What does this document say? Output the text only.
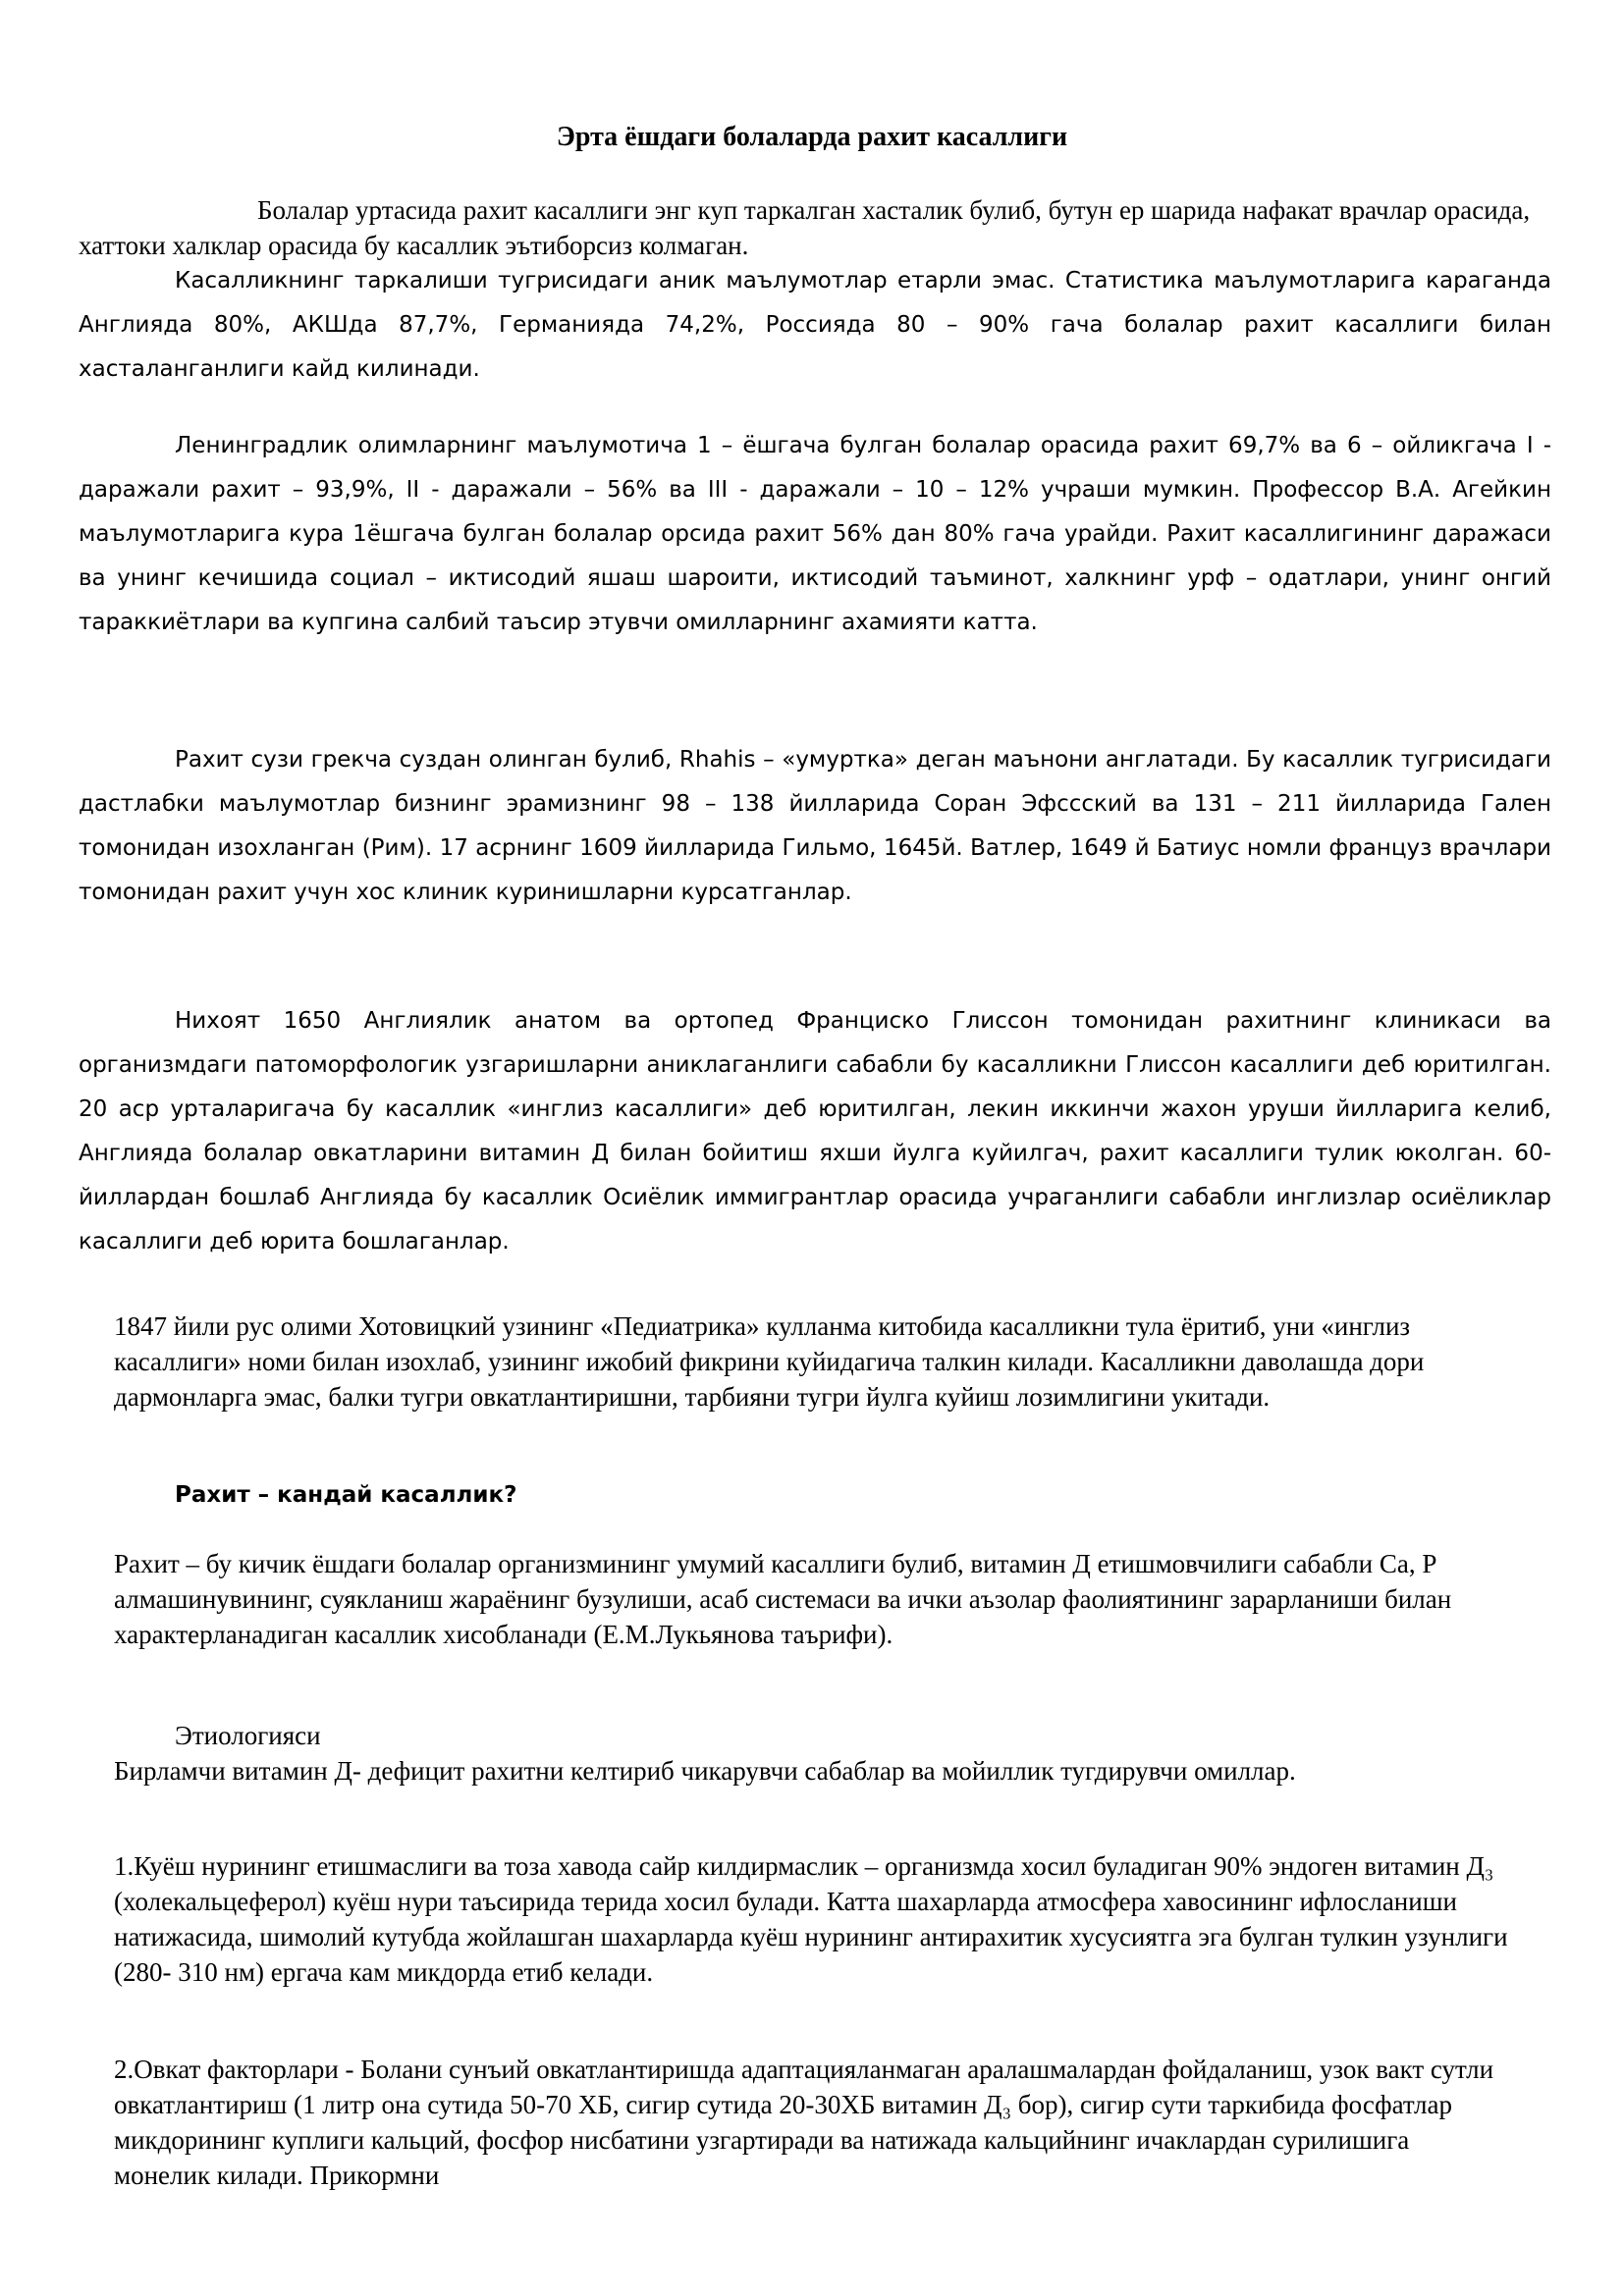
Эрта ёшдаги болаларда рахит касаллиги

Болалар уртасида рахит касаллиги энг куп таркалган хасталик булиб, бутун ер шарида нафакат врачлар орасида, хаттоки халклар орасида бу касаллик эътиборсиз колмаган.

Касалликнинг таркалиши тугрисидаги аник маълумотлар етарли эмас. Статистика маълумотларига караганда Англияда 80%, АКШда 87,7%, Германияда 74,2%, Россияда 80 – 90% гача болалар рахит касаллиги билан хасталанганлиги кайд килинади.

Ленинградлик олимларнинг маълумотича 1 – ёшгача булган болалар орасида рахит 69,7% ва 6 – ойликгача I - даражали рахит – 93,9%, II - даражали – 56% ва III - даражали – 10 – 12% учраши мумкин. Профессор В.А. Агейкин маълумотларига кура 1ёшгача булган болалар орсида рахит 56% дан 80% гача урайди. Рахит касаллигининг даражаси ва унинг кечишида социал – иктисодий яшаш шароити, иктисодий таъминот, халкнинг урф – одатлари, унинг онгий тараккиётлари ва купгина салбий таъсир этувчи омилларнинг ахамияти катта.

Рахит сузи грекча суздан олинган булиб, Rhahis – «умуртка» деган маънони англатади. Бу касаллик тугрисидаги дастлабки маълумотлар бизнинг эрамизнинг 98 – 138 йилларида Соран Эфсcский ва 131 – 211 йилларида Гален томонидан изохланган (Рим). 17 асрнинг 1609 йилларида Гильмо, 1645й. Ватлер, 1649 й Батиус номли француз врачлари томонидан рахит учун хос клиник куринишларни курсатганлар.

Нихоят 1650 Англиялик анатом ва ортопед Франциско Глиссон томонидан рахитнинг клиникаси ва организмдаги патоморфологик узгаришларни аниклаганлиги сабабли бу касалликни Глиссон касаллиги деб юритилган. 20 аср урталаригача бу касаллик «инглиз касаллиги» деб юритилган, лекин иккинчи жахон уруши йилларига келиб, Англияда болалар овкатларини витамин Д билан бойитиш яхши йулга куйилгач, рахит касаллиги тулик юколган. 60-йиллардан бошлаб Англияда бу касаллик Осиёлик иммигрантлар орасида учраганлиги сабабли инглизлар осиёликлар касаллиги деб юрита бошлаганлар.

1847 йили рус олими Хотовицкий узининг «Педиатрика» кулланма китобида касалликни тула ёритиб, уни «инглиз касаллиги» номи билан изохлаб, узининг ижобий фикрини куйидагича талкин килади. Касалликни даволашда дори дармонларга эмас, балки тугри овкатлантиришни, тарбияни тугри йулга куйиш лозимлигини укитади.

Рахит – кандай касаллик?

Рахит – бу кичик ёшдаги болалар организмининг умумий касаллиги булиб, витамин Д етишмовчилиги сабабли Са, Р алмашинувининг, суякланиш жараёнинг бузулиши, асаб системаси ва ички аъзолар фаолиятининг зарарланиши билан характерланадиган касаллик хисобланади (Е.М.Лукьянова таърифи).

Этиологияси

Бирламчи витамин Д- дефицит рахитни келтириб чикарувчи сабаблар ва мойиллик тугдирувчи омиллар.

1.Куёш нурининг етишмаслиги ва тоза хавода сайр килдирмаслик – организмда хосил буладиган 90% эндоген витамин Д₃ (холекальцеферол) куёш нури таъсирида терида хосил булади. Катта шахарларда атмосфера хавосининг ифлосланиши натижасида, шимолий кутубда жойлашган шахарларда куёш нурининг антирахитик хусусиятга эга булган тулкин узунлиги (280- 310 нм) ергача кам микдорда етиб келади.

2.Овкат факторлари - Болани сунъий овкатлантиришда адаптацияланмаган аралашмалардан фойдаланиш, узок вакт сутли овкатлантириш (1 литр она сутида 50-70 ХБ, сигир сутида 20-30ХБ витамин Д₃ бор), сигир сути таркибида фосфатлар микдорининг куплиги кальций, фосфор нисбатини узгартиради ва натижада кальцийнинг ичаклардан сурилишига монелик килади. Прикормни
